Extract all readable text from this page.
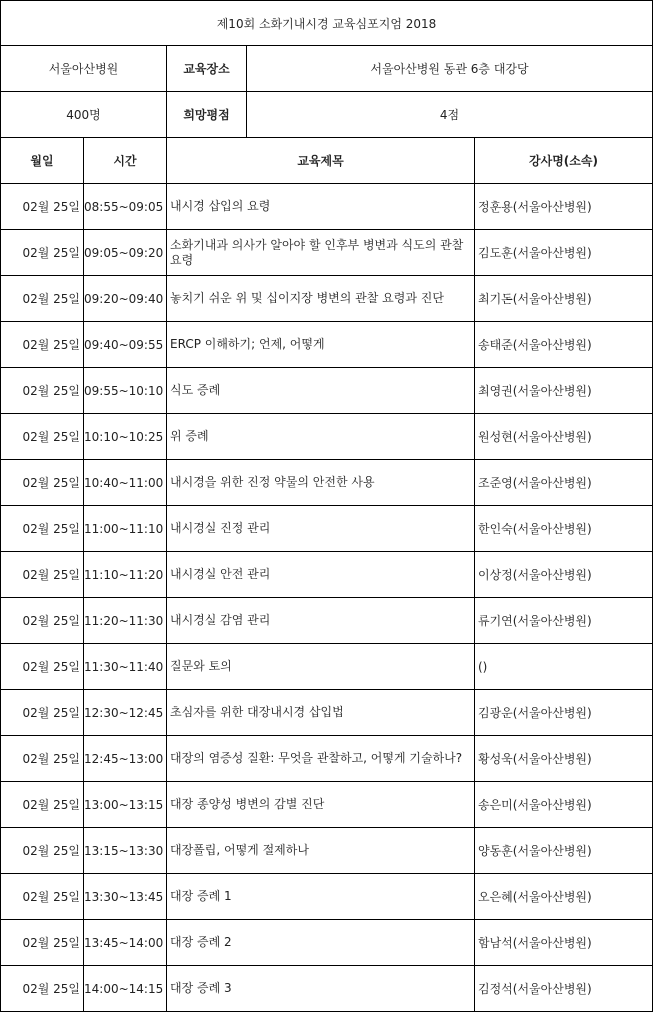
제10회 소화기내시경 교육심포지엄 2018				
서울아산병원		교육장소	서울아산병원 동관 6층 대강당	
400명		희망평점	4점	
월일	시간	교육제목		강사명(소속)
02월 25일	08:55~09:05	내시경 삽입의 요령		정훈용(서울아산병원)
02월 25일	09:05~09:20	소화기내과 의사가 알아야 할 인후부 병변과 식도의 관찰요령		김도훈(서울아산병원)
02월 25일	09:20~09:40	놓치기 쉬운 위 및 십이지장 병변의 관찰 요령과 진단		최기돈(서울아산병원)
02월 25일	09:40~09:55	ERCP 이해하기; 언제, 어떻게		송태준(서울아산병원)
02월 25일	09:55~10:10	식도 증례		최영권(서울아산병원)
02월 25일	10:10~10:25	위 증례		원성현(서울아산병원)
02월 25일	10:40~11:00	내시경을 위한 진정 약물의 안전한 사용		조준영(서울아산병원)
02월 25일	11:00~11:10	내시경실 진정 관리		한인숙(서울아산병원)
02월 25일	11:10~11:20	내시경실 안전 관리		이상정(서울아산병원)
02월 25일	11:20~11:30	내시경실 감염 관리		류기연(서울아산병원)
02월 25일	11:30~11:40	질문와 토의		()
02월 25일	12:30~12:45	초심자를 위한 대장내시경 삽입법		김광운(서울아산병원)
02월 25일	12:45~13:00	대장의 염증성 질환: 무엇을 관찰하고, 어떻게 기술하나?		황성욱(서울아산병원)
02월 25일	13:00~13:15	대장 종양성 병변의 감별 진단		송은미(서울아산병원)
02월 25일	13:15~13:30	대장폴립, 어떻게 절제하나		양동훈(서울아산병원)
02월 25일	13:30~13:45	대장 증례 1		오은혜(서울아산병원)
02월 25일	13:45~14:00	대장 증례 2		함남석(서울아산병원)
02월 25일	14:00~14:15	대장 증례 3		김정석(서울아산병원)
